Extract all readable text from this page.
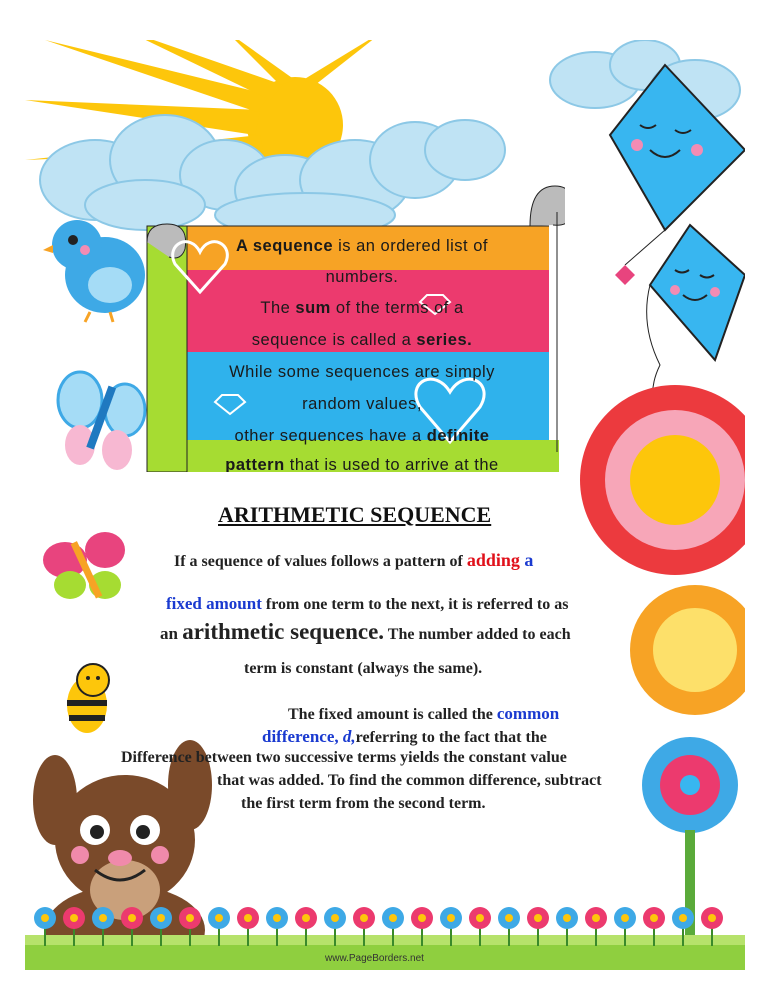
A sequence is an ordered list of
numbers.
The sum of the terms of a
sequence is called a series.
While some sequences are simply
random values,
other sequences have a definite
pattern that is used to arrive at the
ARITHMETIC SEQUENCE
If a sequence of values follows a pattern of adding a
fixed amount from one term to the next, it is referred to as
an arithmetic sequence. The number added to each
term is constant (always the same).
The fixed amount is called the common
difference, d,referring to the fact that the
Difference between two successive terms yields the constant value
that was added. To find the common difference, subtract
the first term from the second term.
www.PageBorders.net
